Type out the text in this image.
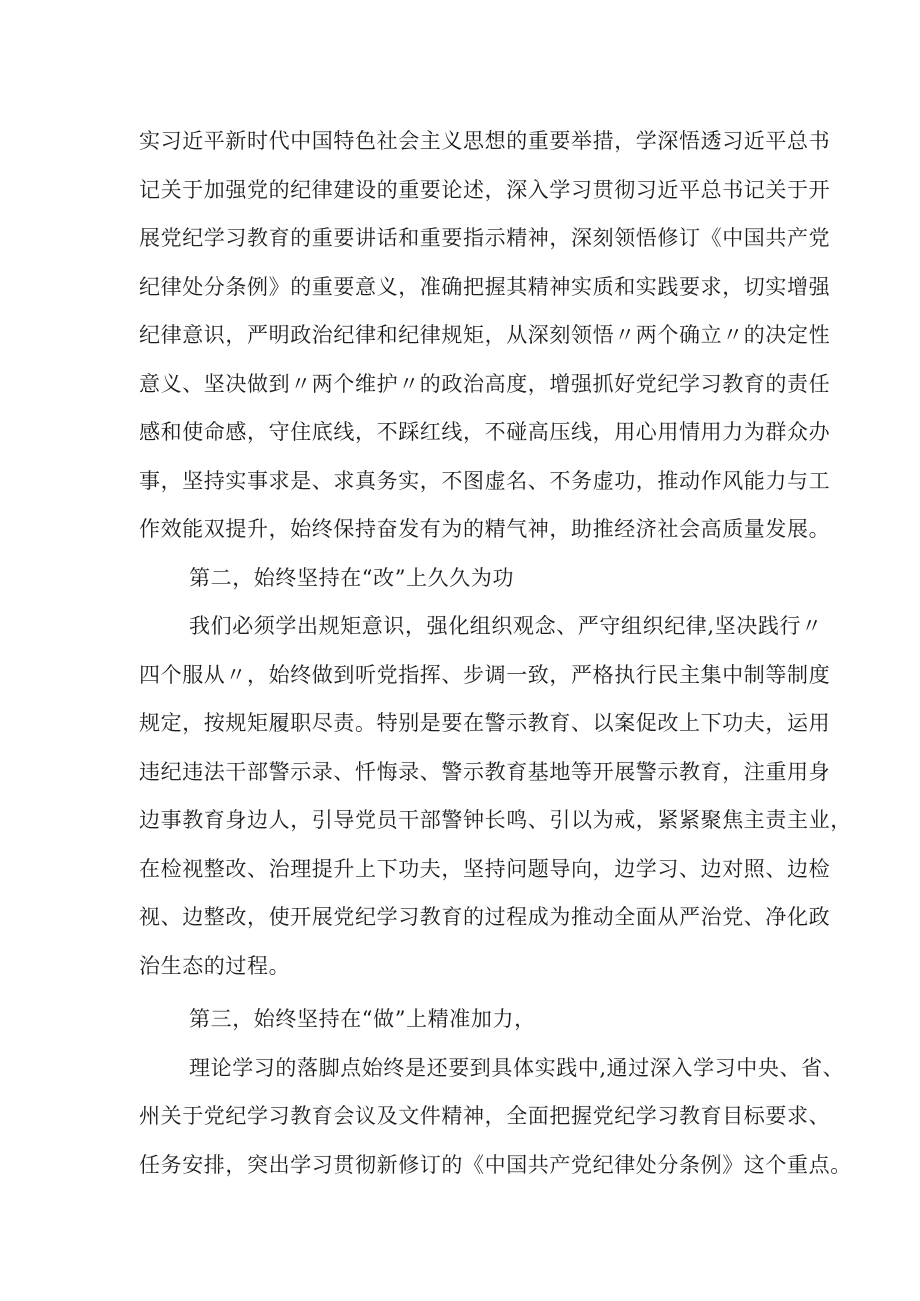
实习近平新时代中国特色社会主义思想的重要举措，学深悟透习近平总书

记关于加强党的纪律建设的重要论述，深入学习贯彻习近平总书记关于开

展党纪学习教育的重要讲话和重要指示精神，深刻领悟修订《中国共产党

纪律处分条例》的重要意义，准确把握其精神实质和实践要求，切实增强

纪律意识，严明政治纪律和纪律规矩，从深刻领悟〃两个确立〃的决定性

意义、坚决做到〃两个维护〃的政治高度，增强抓好党纪学习教育的责任

感和使命感，守住底线，不踩红线，不碰高压线，用心用情用力为群众办

事，坚持实事求是、求真务实，不图虚名、不务虚功，推动作风能力与工

作效能双提升，始终保持奋发有为的精气神，助推经济社会高质量发展。

第二，始终坚持在“改”上久久为功

我们必须学出规矩意识，强化组织观念、严守组织纪律,坚决践行〃

四个服从〃，始终做到听党指挥、步调一致，严格执行民主集中制等制度

规定，按规矩履职尽责。特别是要在警示教育、以案促改上下功夫，运用

违纪违法干部警示录、忏悔录、警示教育基地等开展警示教育，注重用身

边事教育身边人，引导党员干部警钟长鸣、引以为戒，紧紧聚焦主责主业，

在检视整改、治理提升上下功夫，坚持问题导向，边学习、边对照、边检

视、边整改，使开展党纪学习教育的过程成为推动全面从严治党、净化政

治生态的过程。

第三，始终坚持在“做”上精准加力，

理论学习的落脚点始终是还要到具体实践中,通过深入学习中央、省、

州关于党纪学习教育会议及文件精神，全面把握党纪学习教育目标要求、

任务安排，突出学习贯彻新修订的《中国共产党纪律处分条例》这个重点。
